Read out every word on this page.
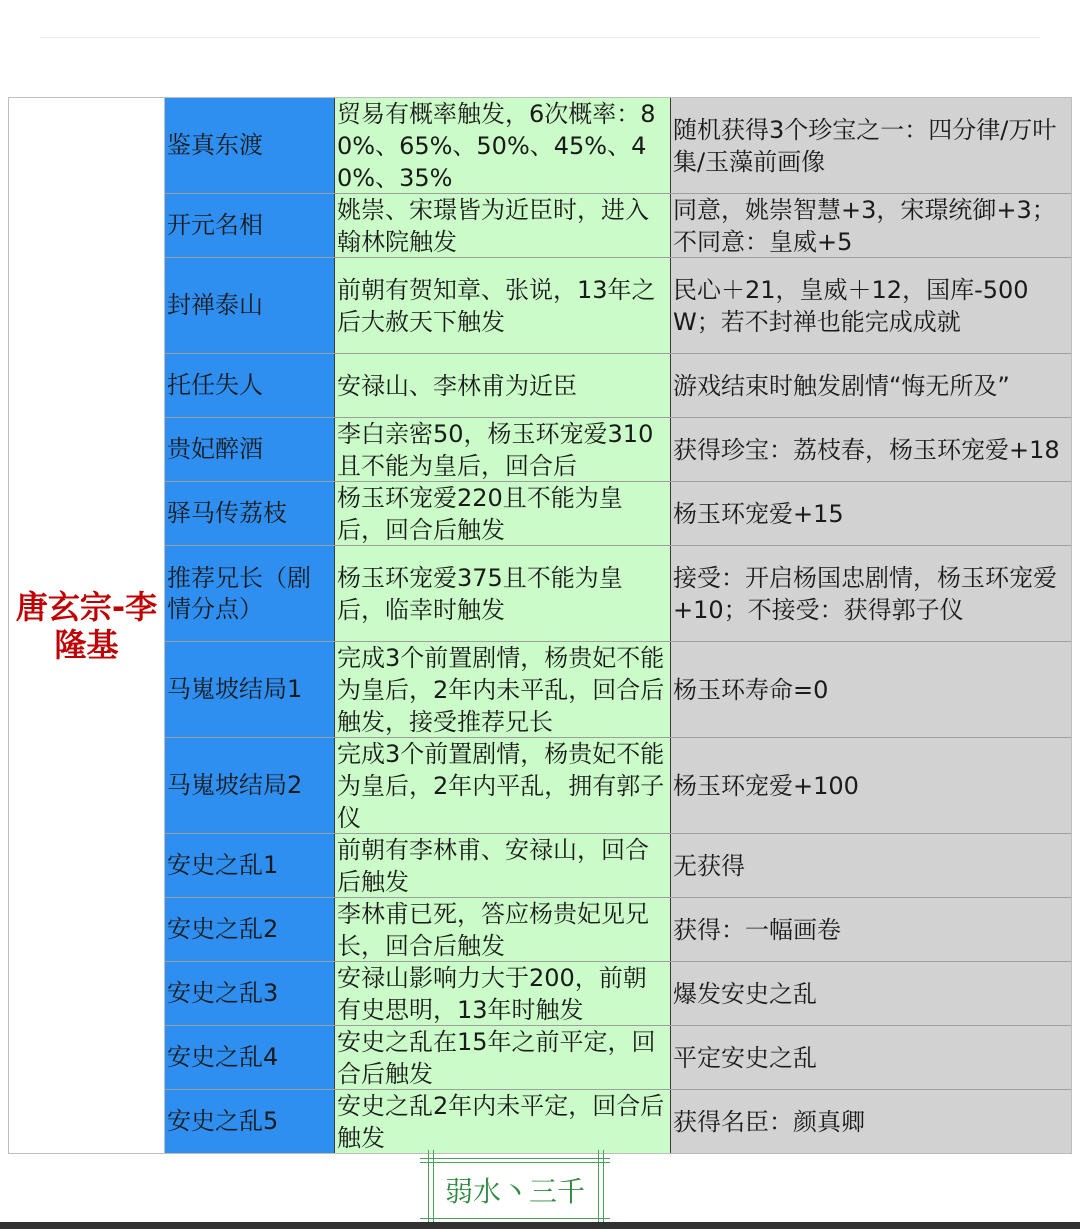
唐玄宗-李隆基
鉴真东渡
贸易有概率触发，6次概率：80%、65%、50%、45%、40%、35%
随机获得3个珍宝之一：四分律/万叶集/玉藻前画像
开元名相
姚崇、宋璟皆为近臣时，进入翰林院触发
同意，姚崇智慧+3，宋璟统御+3；不同意：皇威+5
封禅泰山
前朝有贺知章、张说，13年之后大赦天下触发
民心＋21，皇威＋12，国库-500W；若不封禅也能完成成就
托任失人	安禄山、李林甫为近臣	游戏结束时触发剧情“悔无所及”
贵妃醉酒
李白亲密50，杨玉环宠爱310且不能为皇后，回合后
获得珍宝：荔枝春，杨玉环宠爱+18
驿马传荔枝
杨玉环宠爱220且不能为皇后，回合后触发
杨玉环宠爱+15
推荐兄长（剧情分点）
杨玉环宠爱375且不能为皇后，临幸时触发
接受：开启杨国忠剧情，杨玉环宠爱+10；不接受：获得郭子仪
马嵬坡结局1
完成3个前置剧情，杨贵妃不能为皇后，2年内未平乱，回合后触发，接受推荐兄长
杨玉环寿命=0
马嵬坡结局2
完成3个前置剧情，杨贵妃不能为皇后，2年内平乱，拥有郭子仪
杨玉环宠爱+100
安史之乱1
前朝有李林甫、安禄山，回合后触发
无获得
安史之乱2
李林甫已死，答应杨贵妃见兄长，回合后触发
获得：一幅画卷
安史之乱3
安禄山影响力大于200，前朝有史思明，13年时触发
爆发安史之乱
安史之乱4
安史之乱在15年之前平定，回合后触发
平定安史之乱
安史之乱5
安史之乱2年内未平定，回合后触发
获得名臣：颜真卿
弱水丶三千
